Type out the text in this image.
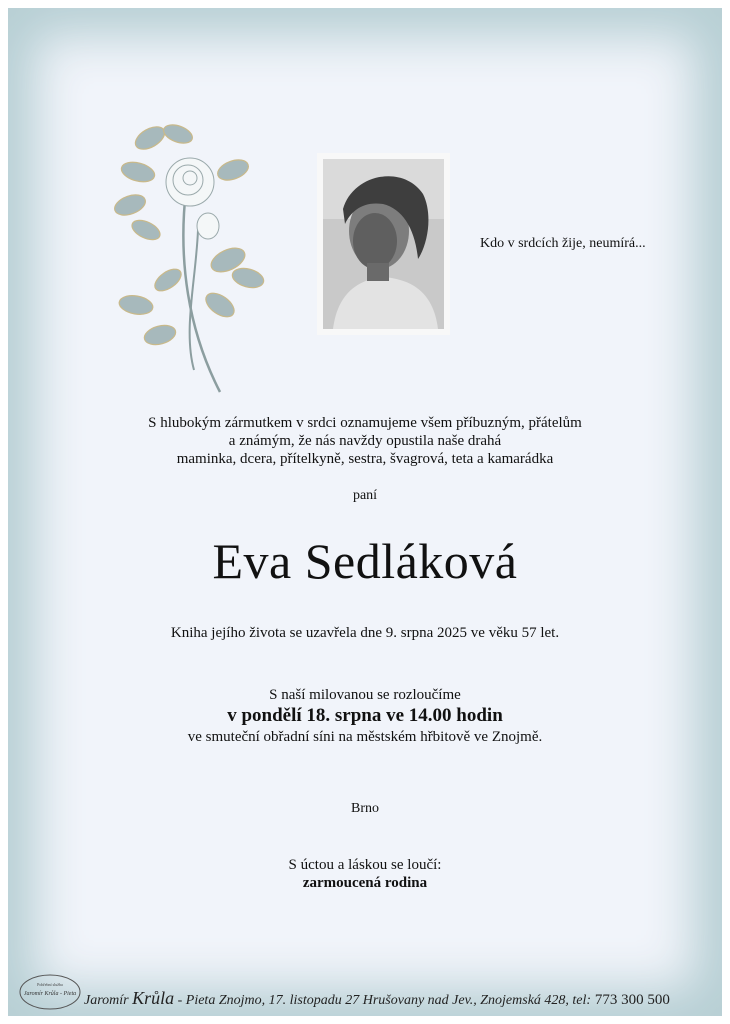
Kdo v srdcích žije, neumírá...
S hlubokým zármutkem v srdci oznamujeme všem příbuzným, přátelům
a známým, že nás navždy opustila naše drahá
maminka, dcera, přítelkyně, sestra, švagrová, teta a kamarádka
paní
Eva Sedláková
Kniha jejího života se uzavřela dne 9. srpna 2025 ve věku 57 let.
S naší milovanou se rozloučíme
v pondělí 18. srpna ve 14.00 hodin
ve smuteční obřadní síni na městském hřbitově ve Znojmě.
Brno
S úctou a láskou se loučí:
zarmoucená rodina
Pohřební služba
Jaromír Krůla - Pieta Jaromír Krůla - Pieta Znojmo, 17. listopadu 27 Hrušovany nad Jev., Znojemská 428, tel: 773 300 500
